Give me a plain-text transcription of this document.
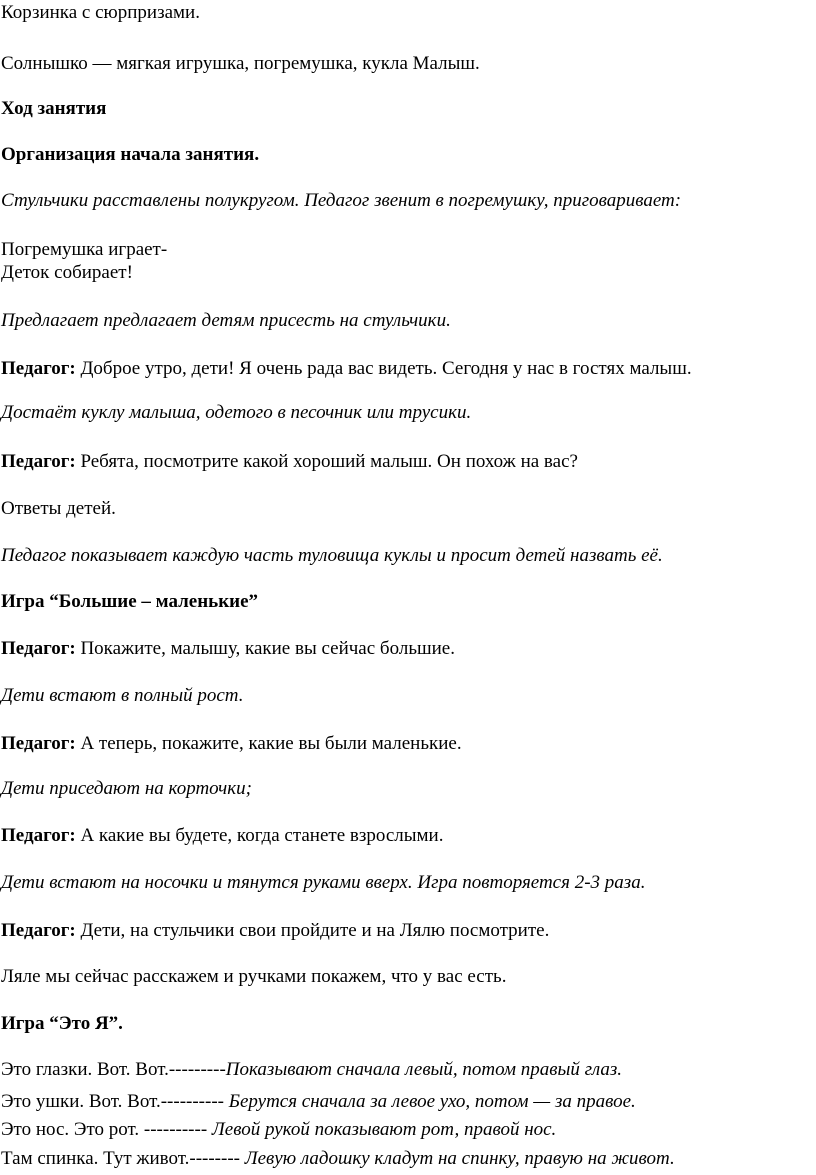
Корзинка с сюрпризами.
Солнышко — мягкая игрушка, погремушка, кукла Малыш.
Ход занятия
Организация начала занятия.
Стульчики расставлены полукругом. Педагог звенит в погремушку, приговаривает:
Погремушка играет-
Деток собирает!
Предлагает предлагает детям присесть на стульчики.
Педагог: Доброе утро, дети! Я очень рада вас видеть. Сегодня у нас в гостях малыш.
Достаёт куклу малыша, одетого в песочник или трусики.
Педагог: Ребята, посмотрите какой хороший малыш. Он похож на вас?
Ответы детей.
Педагог показывает каждую часть туловища куклы и просит детей назвать её.
Игра “Большие – маленькие”
Педагог: Покажите, малышу, какие вы сейчас большие.
Дети встают в полный рост.
Педагог: А теперь, покажите, какие вы были маленькие.
Дети приседают на корточки;
Педагог: А какие вы будете, когда станете взрослыми.
Дети встают на носочки и тянутся руками вверх. Игра повторяется 2-3 раза.
Педагог: Дети, на стульчики свои пройдите и на Лялю посмотрите.
Ляле мы сейчас расскажем и ручками покажем, что у вас есть.
Игра “Это Я”.
Это глазки. Вот. Вот.---------Показывают сначала левый, потом правый глаз.
Это ушки. Вот. Вот.---------- Берутся сначала за левое ухо, потом — за правое.
Это нос. Это рот. ---------- Левой рукой показывают рот, правой нос.
Там спинка. Тут живот.-------- Левую ладошку кладут на спинку, правую на живот.
